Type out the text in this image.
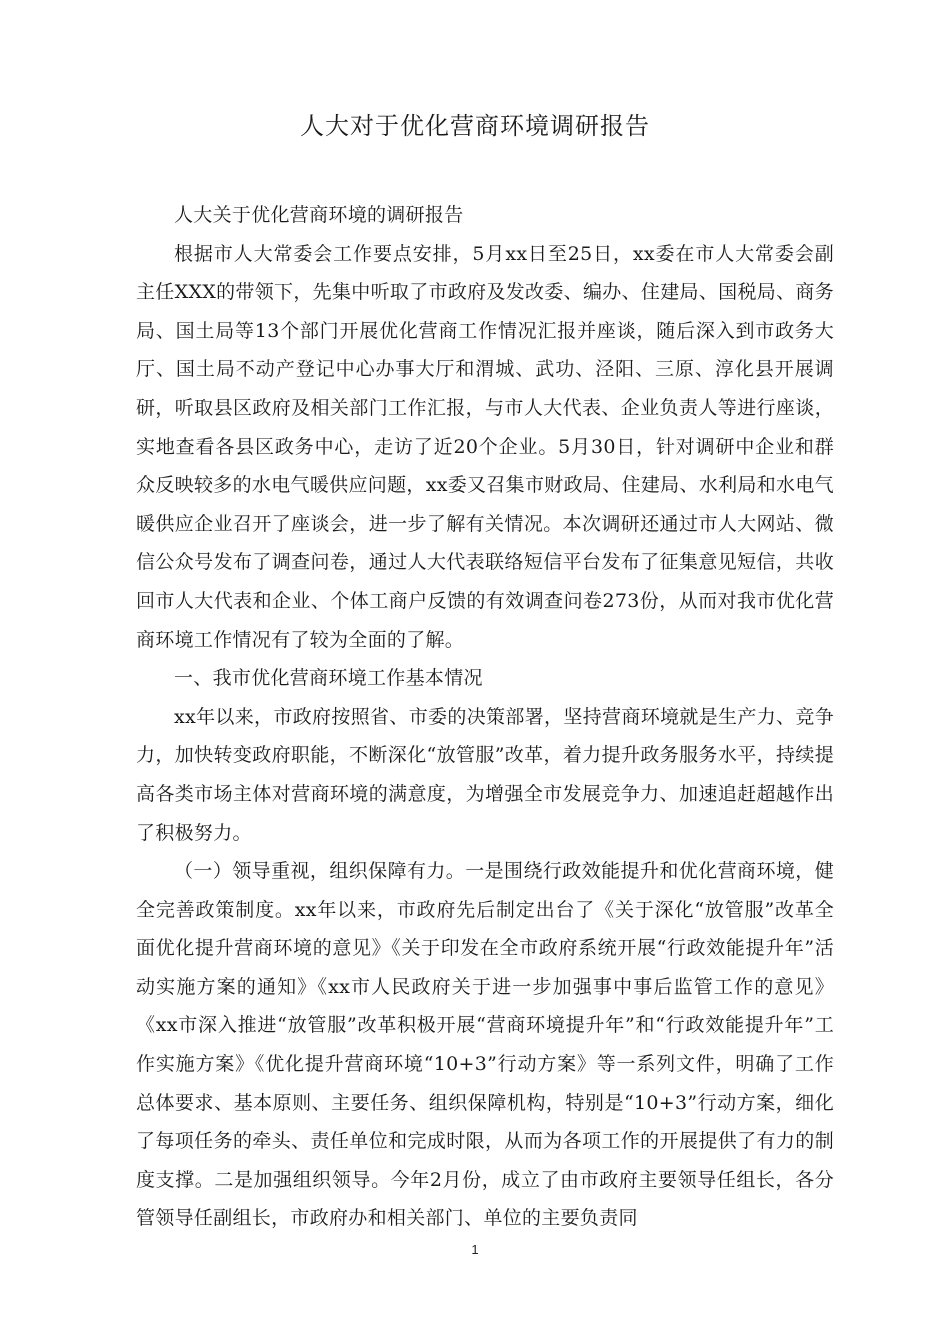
人大对于优化营商环境调研报告

人大关于优化营商环境的调研报告

根据市人大常委会工作要点安排，5月xx日至25日，xx委在市人大常委会副主任XXX的带领下，先集中听取了市政府及发改委、编办、住建局、国税局、商务局、国土局等13个部门开展优化营商工作情况汇报并座谈，随后深入到市政务大厅、国土局不动产登记中心办事大厅和渭城、武功、泾阳、三原、淳化县开展调研，听取县区政府及相关部门工作汇报，与市人大代表、企业负责人等进行座谈，实地查看各县区政务中心，走访了近20个企业。5月30日，针对调研中企业和群众反映较多的水电气暖供应问题，xx委又召集市财政局、住建局、水利局和水电气暖供应企业召开了座谈会，进一步了解有关情况。本次调研还通过市人大网站、微信公众号发布了调查问卷，通过人大代表联络短信平台发布了征集意见短信，共收回市人大代表和企业、个体工商户反馈的有效调查问卷273份，从而对我市优化营商环境工作情况有了较为全面的了解。

一、我市优化营商环境工作基本情况

xx年以来，市政府按照省、市委的决策部署，坚持营商环境就是生产力、竞争力，加快转变政府职能，不断深化“放管服”改革，着力提升政务服务水平，持续提高各类市场主体对营商环境的满意度，为增强全市发展竞争力、加速追赶超越作出了积极努力。

（一）领导重视，组织保障有力。一是围绕行政效能提升和优化营商环境，健全完善政策制度。xx年以来，市政府先后制定出台了《关于深化“放管服”改革全面优化提升营商环境的意见》《关于印发在全市政府系统开展“行政效能提升年”活动实施方案的通知》《xx市人民政府关于进一步加强事中事后监管工作的意见》《xx市深入推进“放管服”改革积极开展“营商环境提升年”和“行政效能提升年”工作实施方案》《优化提升营商环境“10+3”行动方案》等一系列文件，明确了工作总体要求、基本原则、主要任务、组织保障机构，特别是“10+3”行动方案，细化了每项任务的牵头、责任单位和完成时限，从而为各项工作的开展提供了有力的制度支撑。二是加强组织领导。今年2月份，成立了由市政府主要领导任组长，各分管领导任副组长，市政府办和相关部门、单位的主要负责同

1
